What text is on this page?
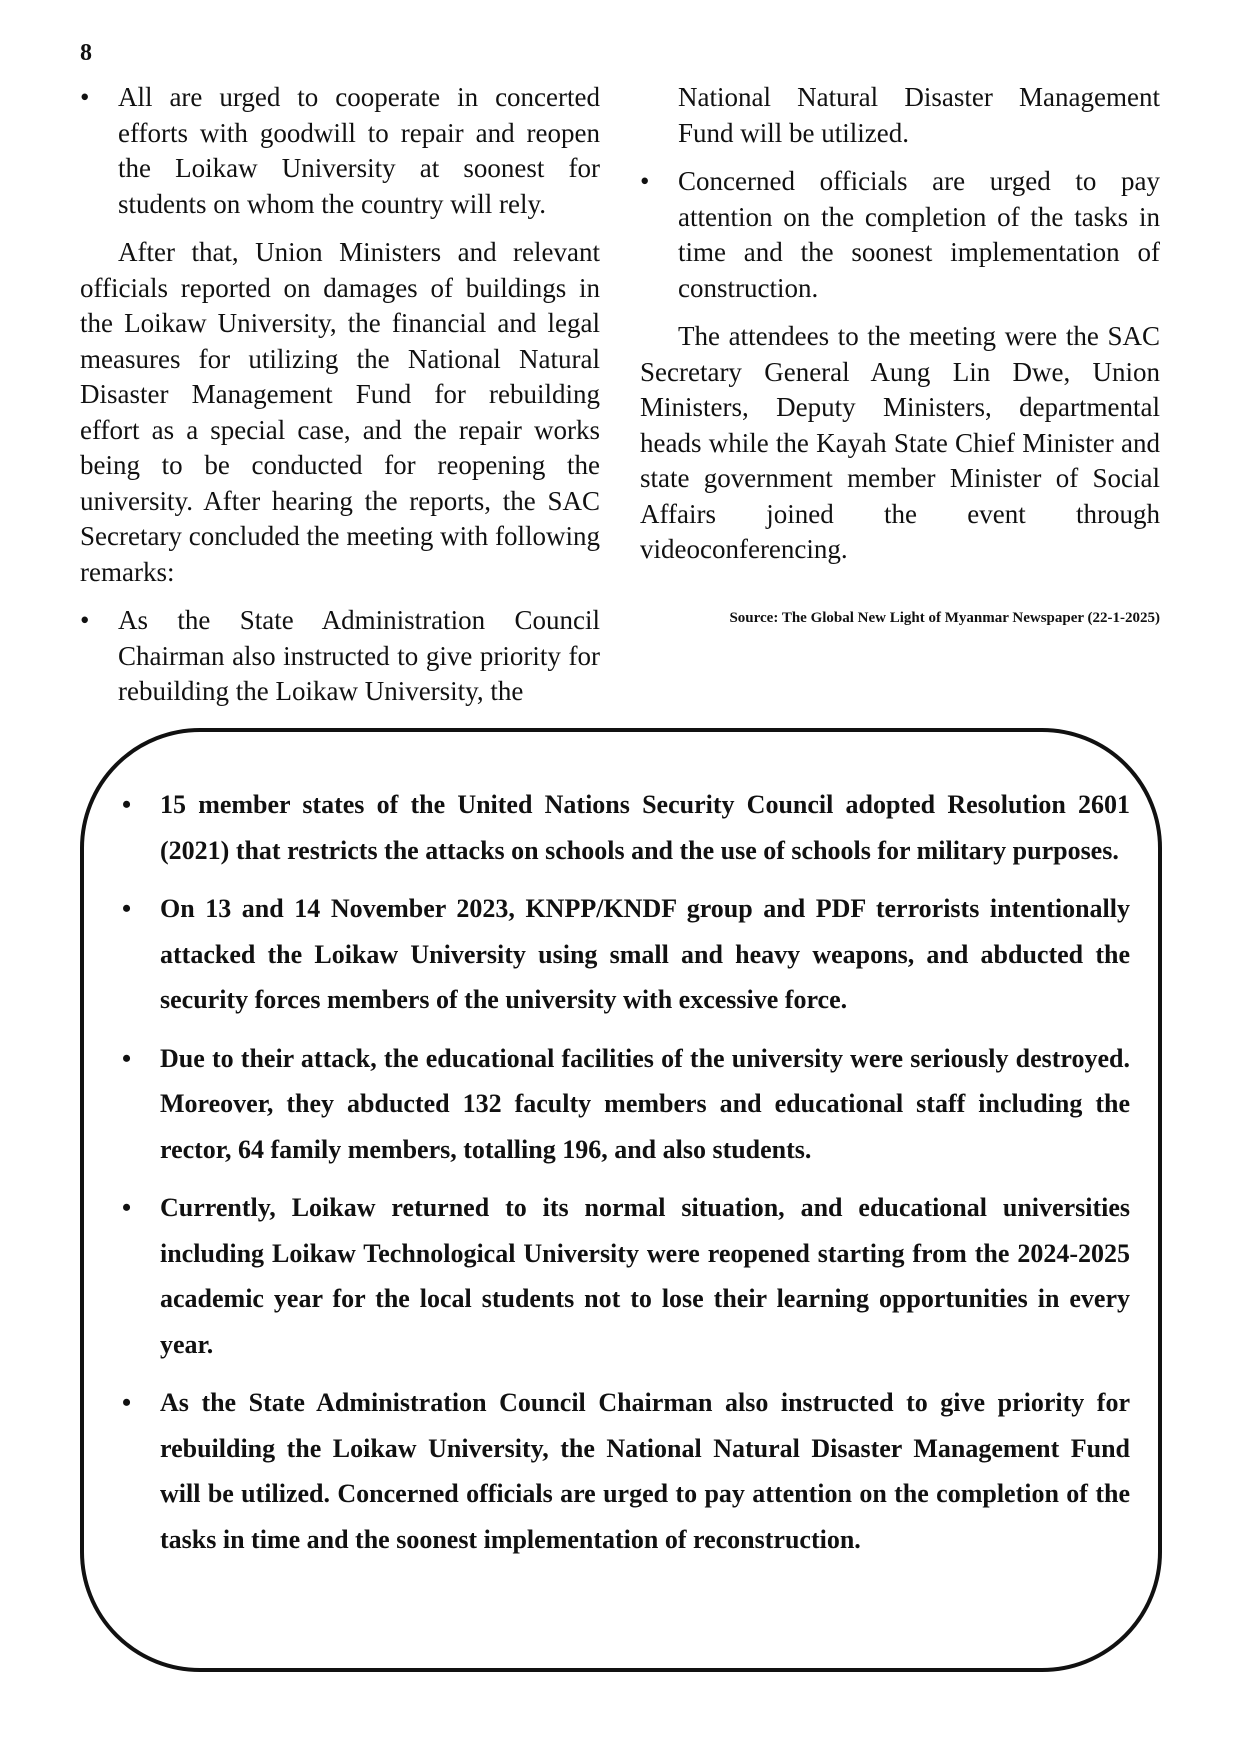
8
• All are urged to cooperate in concerted efforts with goodwill to repair and reopen the Loikaw University at soonest for students on whom the country will rely.

After that, Union Ministers and relevant officials reported on damages of buildings in the Loikaw University, the financial and legal measures for utilizing the National Natural Disaster Management Fund for rebuilding effort as a special case, and the repair works being to be conducted for reopening the university. After hearing the reports, the SAC Secretary concluded the meeting with following remarks:

• As the State Administration Council Chairman also instructed to give priority for rebuilding the Loikaw University, the
National Natural Disaster Management Fund will be utilized.
• Concerned officials are urged to pay attention on the completion of the tasks in time and the soonest implementation of construction.

The attendees to the meeting were the SAC Secretary General Aung Lin Dwe, Union Ministers, Deputy Ministers, departmental heads while the Kayah State Chief Minister and state government member Minister of Social Affairs joined the event through videoconferencing.

Source: The Global New Light of Myanmar Newspaper (22-1-2025)
• 15 member states of the United Nations Security Council adopted Resolution 2601 (2021) that restricts the attacks on schools and the use of schools for military purposes.
• On 13 and 14 November 2023, KNPP/KNDF group and PDF terrorists intentionally attacked the Loikaw University using small and heavy weapons, and abducted the security forces members of the university with excessive force.
• Due to their attack, the educational facilities of the university were seriously destroyed. Moreover, they abducted 132 faculty members and educational staff including the rector, 64 family members, totalling 196, and also students.
• Currently, Loikaw returned to its normal situation, and educational universities including Loikaw Technological University were reopened starting from the 2024-2025 academic year for the local students not to lose their learning opportunities in every year.
• As the State Administration Council Chairman also instructed to give priority for rebuilding the Loikaw University, the National Natural Disaster Management Fund will be utilized. Concerned officials are urged to pay attention on the completion of the tasks in time and the soonest implementation of reconstruction.
